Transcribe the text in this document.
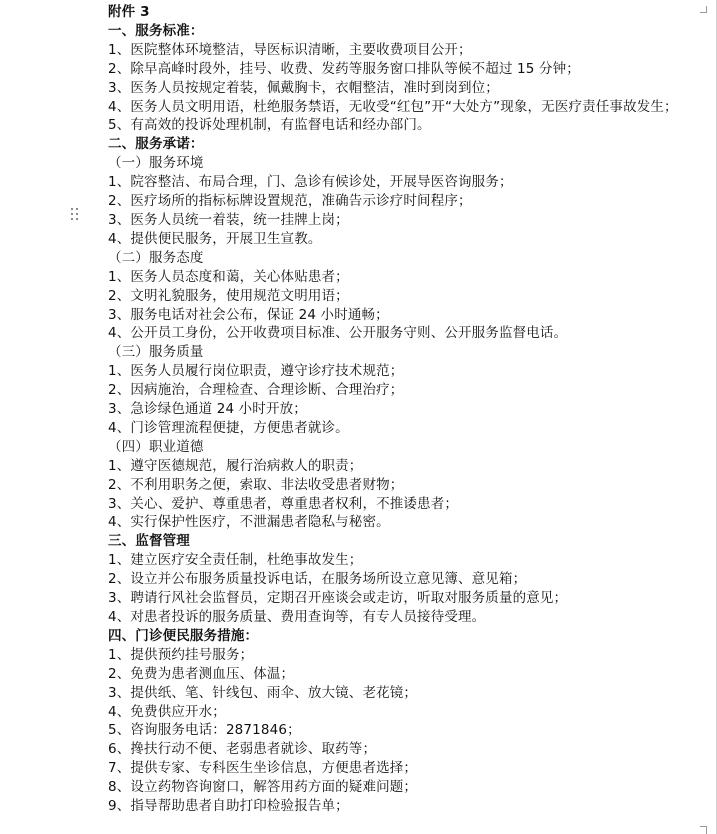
附件 3
一、服务标准：
1、医院整体环境整洁，导医标识清晰，主要收费项目公开；
2、除早高峰时段外，挂号、收费、发药等服务窗口排队等候不超过 15 分钟；
3、医务人员按规定着装，佩戴胸卡，衣帽整洁，准时到岗到位；
4、医务人员文明用语，杜绝服务禁语，无收受“红包”开“大处方”现象，无医疗责任事故发生；
5、有高效的投诉处理机制，有监督电话和经办部门。
二、服务承诺：
（一）服务环境
1、院容整洁、布局合理，门、急诊有候诊处，开展导医咨询服务；
2、医疗场所的指标标牌设置规范，准确告示诊疗时间程序；
3、医务人员统一着装，统一挂牌上岗；
4、提供便民服务，开展卫生宣教。
（二）服务态度
1、医务人员态度和蔼，关心体贴患者；
2、文明礼貌服务，使用规范文明用语；
3、服务电话对社会公布，保证 24 小时通畅；
4、公开员工身份，公开收费项目标准、公开服务守则、公开服务监督电话。
（三）服务质量
1、医务人员履行岗位职责，遵守诊疗技术规范；
2、因病施治，合理检查、合理诊断、合理治疗；
3、急诊绿色通道 24 小时开放；
4、门诊管理流程便捷，方便患者就诊。
（四）职业道德
1、遵守医德规范，履行治病救人的职责；
2、不利用职务之便，索取、非法收受患者财物；
3、关心、爱护、尊重患者，尊重患者权利，不推诿患者；
4、实行保护性医疗，不泄漏患者隐私与秘密。
三、监督管理
1、建立医疗安全责任制，杜绝事故发生；
2、设立并公布服务质量投诉电话，在服务场所设立意见簿、意见箱；
3、聘请行风社会监督员，定期召开座谈会或走访，听取对服务质量的意见；
4、对患者投诉的服务质量、费用查询等，有专人员接待受理。
四、门诊便民服务措施：
1、提供预约挂号服务；
2、免费为患者测血压、体温；
3、提供纸、笔、针线包、雨伞、放大镜、老花镜；
4、免费供应开水；
5、咨询服务电话：2871846；
6、搀扶行动不便、老弱患者就诊、取药等；
7、提供专家、专科医生坐诊信息，方便患者选择；
8、设立药物咨询窗口，解答用药方面的疑难问题；
9、指导帮助患者自助打印检验报告单；
